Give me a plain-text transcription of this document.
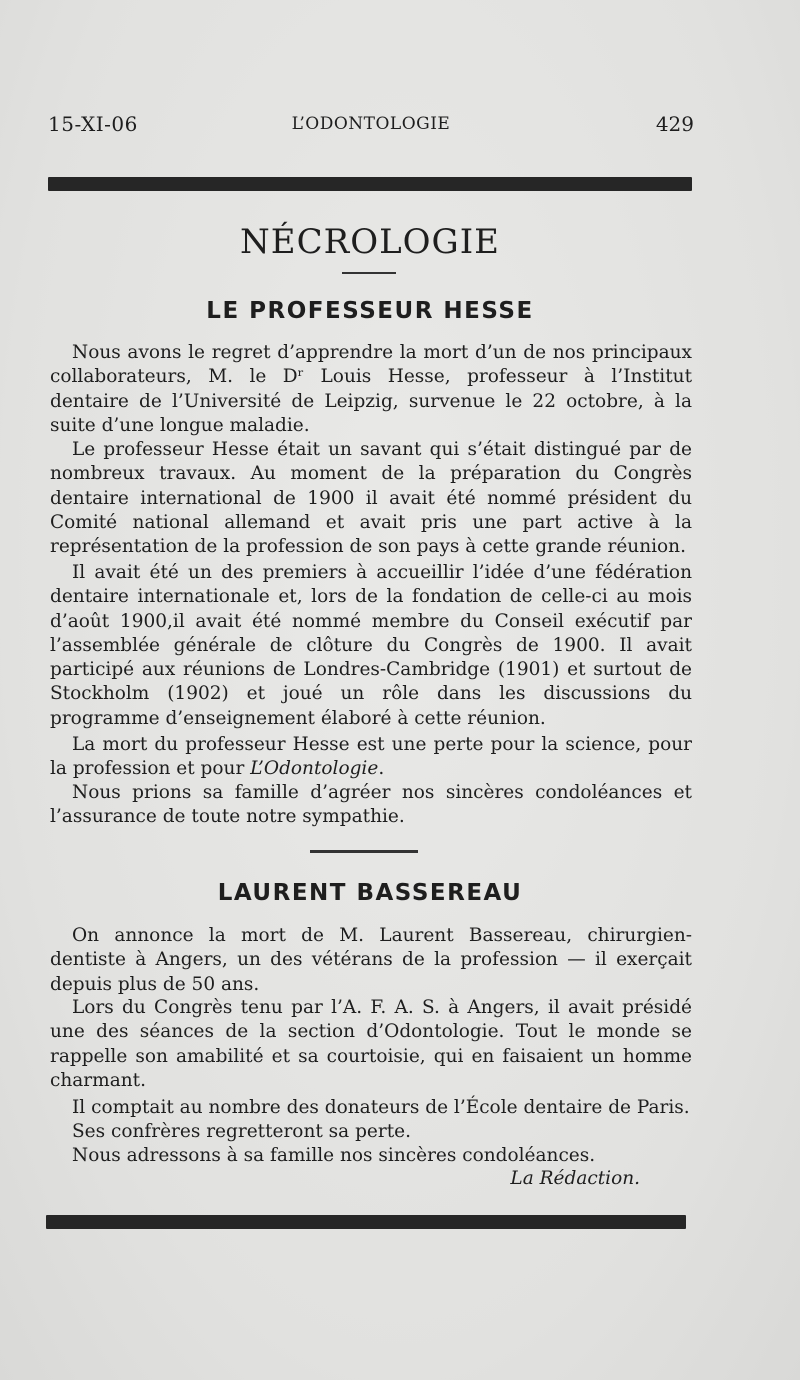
15-XI-06	L’ODONTOLOGIE	429
NÉCROLOGIE
LE PROFESSEUR HESSE

Nous avons le regret d’apprendre la mort d’un de nos principaux collaborateurs, M. le Dʳ Louis Hesse, professeur à l’Institut dentaire de l’Université de Leipzig, survenue le 22 octobre, à la suite d’une longue maladie.

Le professeur Hesse était un savant qui s’était distingué par de nombreux travaux. Au moment de la préparation du Congrès dentaire international de 1900 il avait été nommé président du Comité national allemand et avait pris une part active à la représentation de la profession de son pays à cette grande réunion.

Il avait été un des premiers à accueillir l’idée d’une fédération dentaire internationale et, lors de la fondation de celle-ci au mois d’août 1900,il avait été nommé membre du Conseil exécutif par l’assemblée générale de clôture du Congrès de 1900. Il avait participé aux réunions de Londres-Cambridge (1901) et surtout de Stockholm (1902) et joué un rôle dans les discussions du programme d’enseignement élaboré à cette réunion.

La mort du professeur Hesse est une perte pour la science, pour la profession et pour L’Odontologie.

Nous prions sa famille d’agréer nos sincères condoléances et l’assurance de toute notre sympathie.

LAURENT BASSEREAU

On annonce la mort de M. Laurent Bassereau, chirurgien-dentiste à Angers, un des vétérans de la profession — il exerçait depuis plus de 50 ans.

Lors du Congrès tenu par l’A. F. A. S. à Angers, il avait présidé une des séances de la section d’Odontologie. Tout le monde se rappelle son amabilité et sa courtoisie, qui en faisaient un homme charmant.

Il comptait au nombre des donateurs de l’École dentaire de Paris.

Ses confrères regretteront sa perte.

Nous adressons à sa famille nos sincères condoléances.

La Rédaction.
